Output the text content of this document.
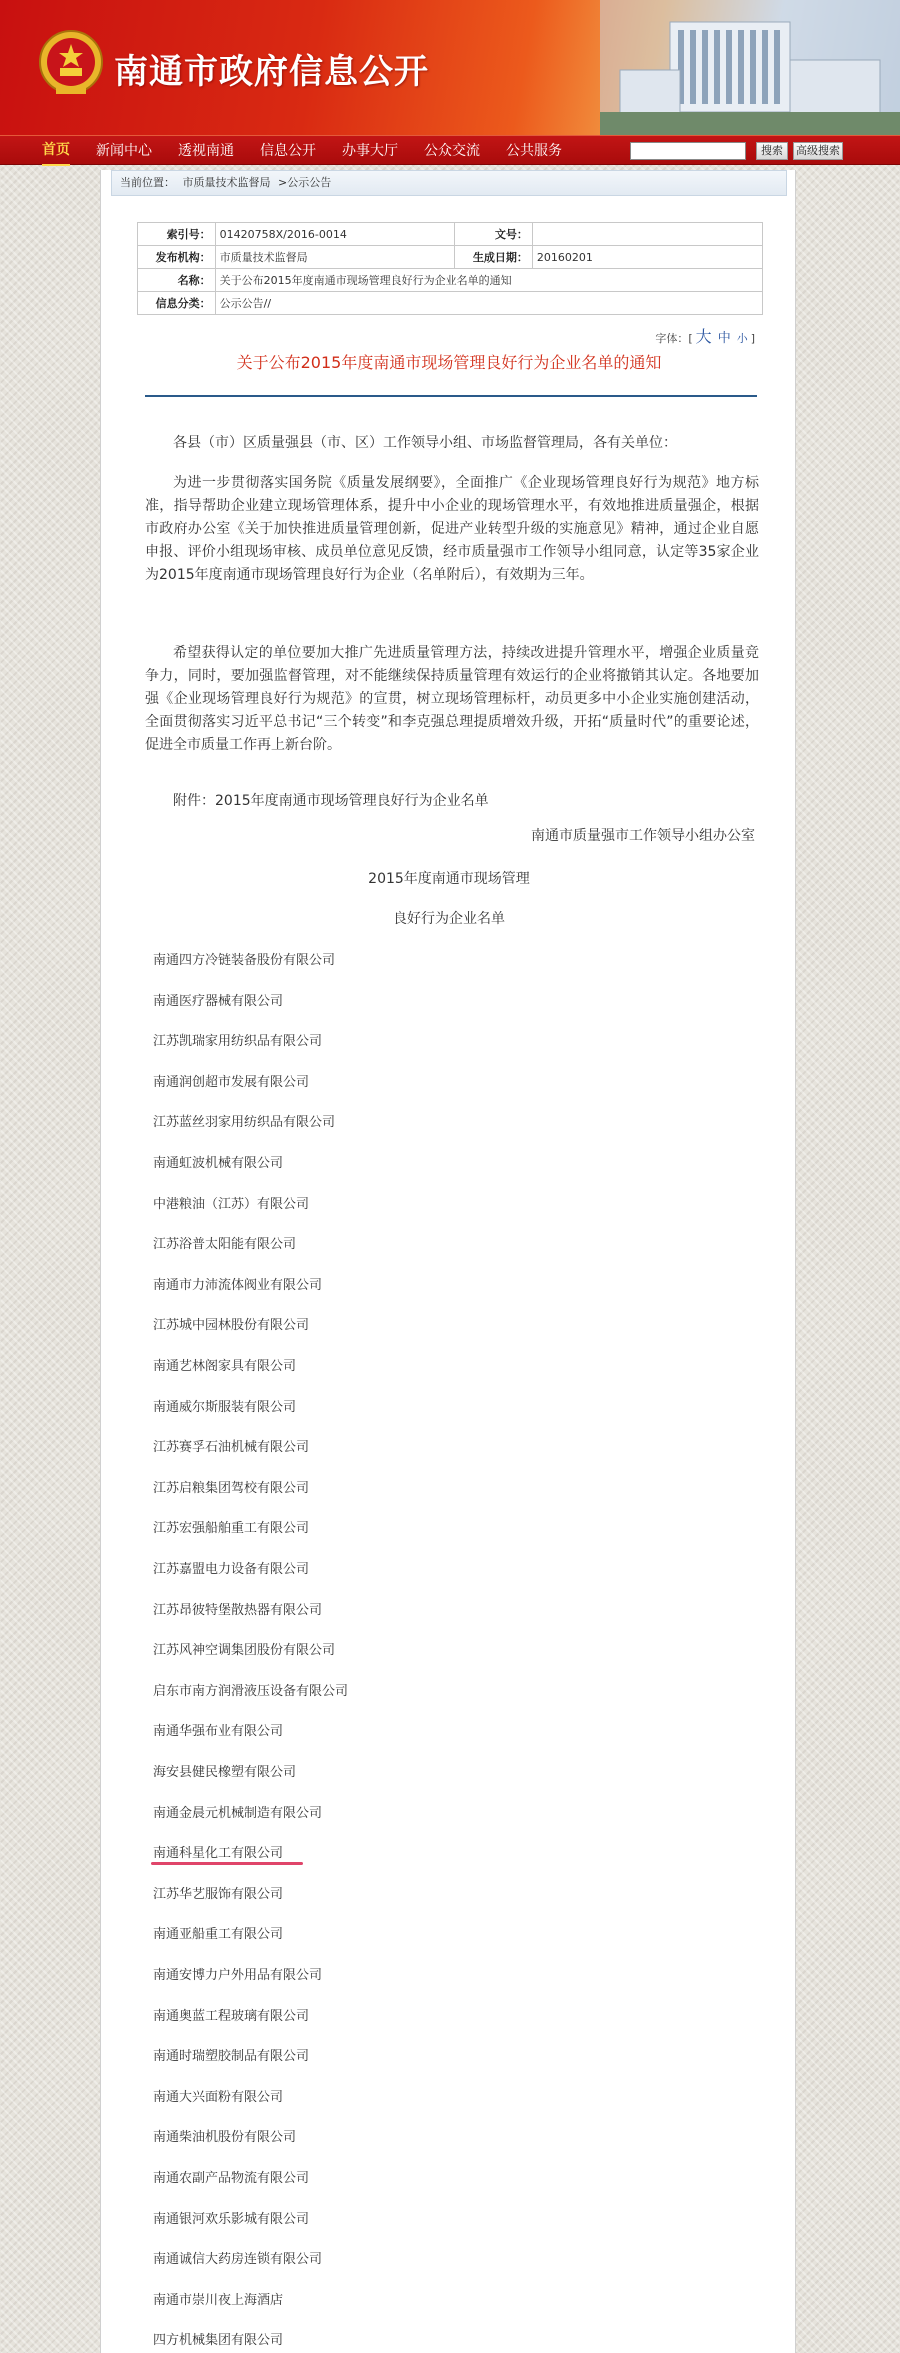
南通市政府信息公开
首页 新闻中心 透视南通 信息公开 办事大厅 公众交流 公共服务	搜索	高级搜索
当前位置： 市质量技术监督局 >公示公告
索引号：	01420758X/2016-0014	文号：	
发布机构：	市质量技术监督局	生成日期：	20160201
名称：	关于公布2015年度南通市现场管理良好行为企业名单的通知		
信息分类：	公示公告//		
字体：[ 大 中 小 ]
关于公布2015年度南通市现场管理良好行为企业名单的通知
各县（市）区质量强县（市、区）工作领导小组、市场监督管理局，各有关单位：
为进一步贯彻落实国务院《质量发展纲要》，全面推广《企业现场管理良好行为规范》地方标准，指导帮助企业建立现场管理体系，提升中小企业的现场管理水平，有效地推进质量强企，根据市政府办公室《关于加快推进质量管理创新，促进产业转型升级的实施意见》精神，通过企业自愿申报、评价小组现场审核、成员单位意见反馈，经市质量强市工作领导小组同意，认定等35家企业为2015年度南通市现场管理良好行为企业（名单附后），有效期为三年。
希望获得认定的单位要加大推广先进质量管理方法，持续改进提升管理水平，增强企业质量竞争力，同时，要加强监督管理，对不能继续保持质量管理有效运行的企业将撤销其认定。各地要加强《企业现场管理良好行为规范》的宣贯，树立现场管理标杆，动员更多中小企业实施创建活动，全面贯彻落实习近平总书记“三个转变”和李克强总理提质增效升级，开拓“质量时代”的重要论述，促进全市质量工作再上新台阶。
附件：2015年度南通市现场管理良好行为企业名单
南通市质量强市工作领导小组办公室
2015年度南通市现场管理
良好行为企业名单
南通四方冷链装备股份有限公司
南通医疗器械有限公司
江苏凯瑞家用纺织品有限公司
南通润创超市发展有限公司
江苏蓝丝羽家用纺织品有限公司
南通虹波机械有限公司
中港粮油（江苏）有限公司
江苏浴普太阳能有限公司
南通市力沛流体阀业有限公司
江苏城中园林股份有限公司
南通艺林阁家具有限公司
南通威尔斯服装有限公司
江苏赛孚石油机械有限公司
江苏启粮集团驾校有限公司
江苏宏强船舶重工有限公司
江苏嘉盟电力设备有限公司
江苏昂彼特堡散热器有限公司
江苏风神空调集团股份有限公司
启东市南方润滑液压设备有限公司
南通华强布业有限公司
海安县健民橡塑有限公司
南通金晨元机械制造有限公司
南通科星化工有限公司
江苏华艺服饰有限公司
南通亚船重工有限公司
南通安博力户外用品有限公司
南通奥蓝工程玻璃有限公司
南通时瑞塑胶制品有限公司
南通大兴面粉有限公司
南通柴油机股份有限公司
南通农副产品物流有限公司
南通银河欢乐影城有限公司
南通诚信大药房连锁有限公司
南通市崇川夜上海酒店
四方机械集团有限公司
